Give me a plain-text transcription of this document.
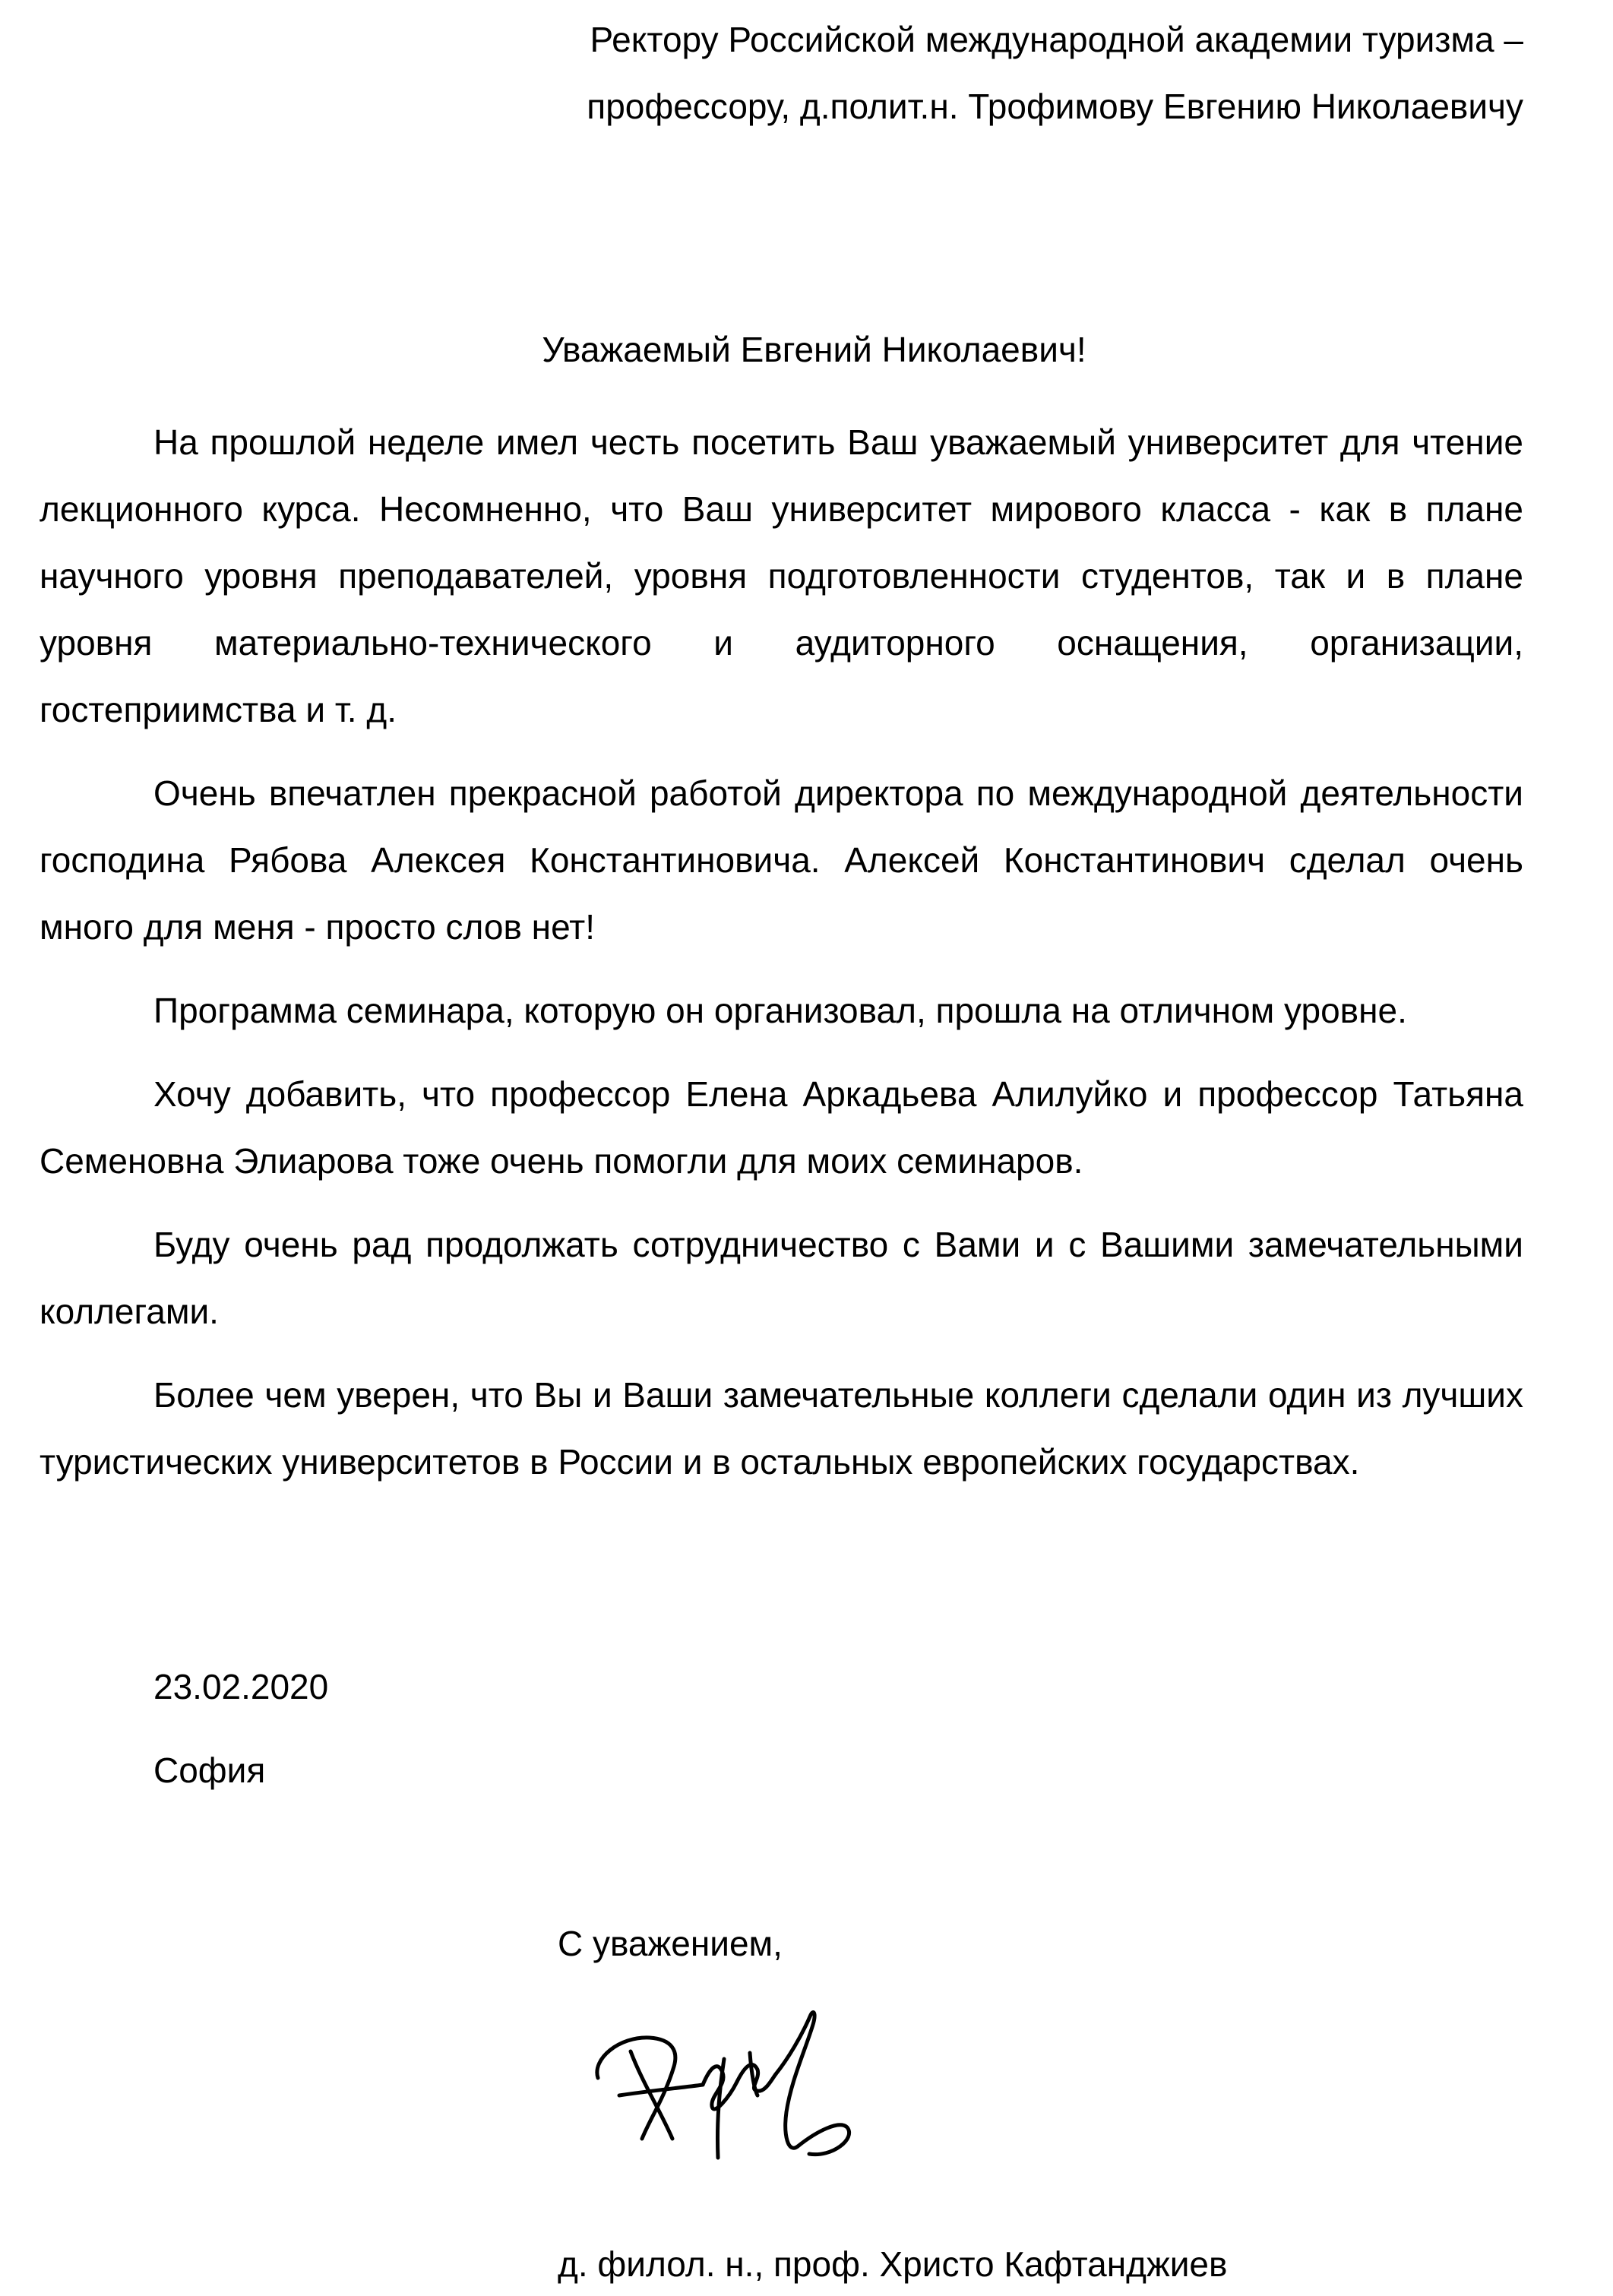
Ректору Российской международной академии туризма –
профессору, д.полит.н. Трофимову Евгению Николаевичу
Уважаемый Евгений Николаевич!

На прошлой неделе имел честь посетить Ваш уважаемый университет для чтение лекционного курса. Несомненно, что Ваш университет мирового класса - как в плане научного уровня преподавателей, уровня подготовленности студентов, так и в плане уровня материально-технического и аудиторного оснащения, организации, гостеприимства и т. д.

Очень впечатлен прекрасной работой директора по международной деятельности господина Рябова Алексея Константиновича. Алексей Константинович сделал очень много для меня - просто слов нет!

Программа семинара, которую он организовал, прошла на отличном уровне.

Хочу добавить, что профессор Елена Аркадьева Алилуйко и профессор Татьяна Семеновна Элиарова тоже очень помогли для моих семинаров.

Буду очень рад продолжать сотрудничество с Вами и с Вашими замечательными коллегами.

Более чем уверен, что Вы и Ваши замечательные коллеги сделали один из лучших туристических университетов в России и в остальных европейских государствах.

23.02.2020
София
С уважением,
д. филол. н., проф. Христо Кафтанджиев
